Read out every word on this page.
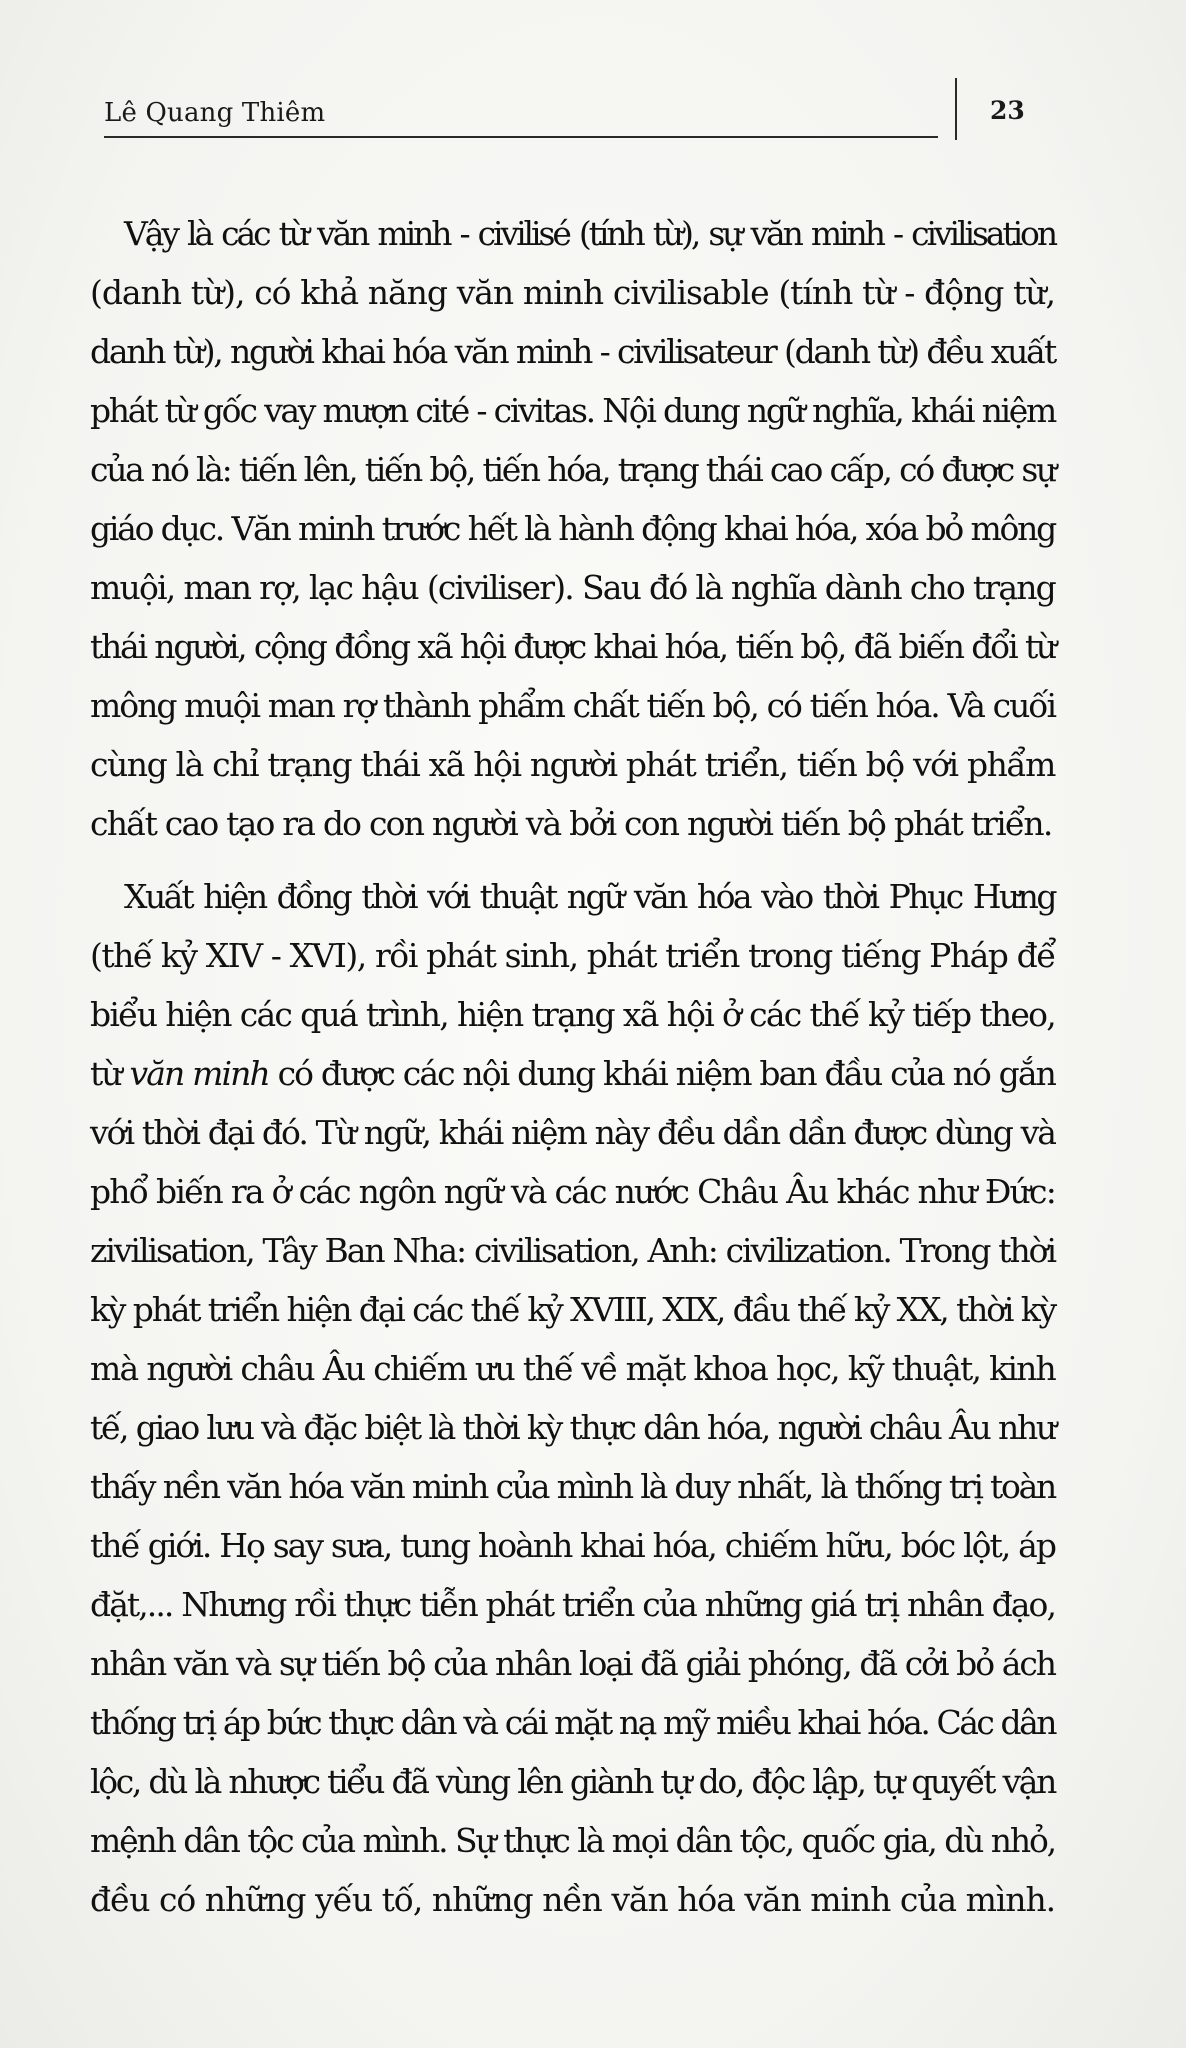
Lê Quang Thiêm	23
Vậy là các từ văn minh - civilisé (tính từ), sự văn minh - civilisation
(danh từ), có khả năng văn minh civilisable (tính từ - động từ,
danh từ), người khai hóa văn minh - civilisateur (danh từ) đều xuất
phát từ gốc vay mượn cité - civitas. Nội dung ngữ nghĩa, khái niệm
của nó là: tiến lên, tiến bộ, tiến hóa, trạng thái cao cấp, có được sự
giáo dục. Văn minh trước hết là hành động khai hóa, xóa bỏ mông
muội, man rợ, lạc hậu (civiliser). Sau đó là nghĩa dành cho trạng
thái người, cộng đồng xã hội được khai hóa, tiến bộ, đã biến đổi từ
mông muội man rợ thành phẩm chất tiến bộ, có tiến hóa. Và cuối
cùng là chỉ trạng thái xã hội người phát triển, tiến bộ với phẩm
chất cao tạo ra do con người và bởi con người tiến bộ phát triển.
Xuất hiện đồng thời với thuật ngữ văn hóa vào thời Phục Hưng
(thế kỷ XIV - XVI), rồi phát sinh, phát triển trong tiếng Pháp để
biểu hiện các quá trình, hiện trạng xã hội ở các thế kỷ tiếp theo,
từ văn minh có được các nội dung khái niệm ban đầu của nó gắn
với thời đại đó. Từ ngữ, khái niệm này đều dần dần được dùng và
phổ biến ra ở các ngôn ngữ và các nước Châu Âu khác như Đức:
zivilisation, Tây Ban Nha: civilisation, Anh: civilization. Trong thời
kỳ phát triển hiện đại các thế kỷ XVIII, XIX, đầu thế kỷ XX, thời kỳ
mà người châu Âu chiếm ưu thế về mặt khoa học, kỹ thuật, kinh
tế, giao lưu và đặc biệt là thời kỳ thực dân hóa, người châu Âu như
thấy nền văn hóa văn minh của mình là duy nhất, là thống trị toàn
thế giới. Họ say sưa, tung hoành khai hóa, chiếm hữu, bóc lột, áp
đặt,... Nhưng rồi thực tiễn phát triển của những giá trị nhân đạo,
nhân văn và sự tiến bộ của nhân loại đã giải phóng, đã cởi bỏ ách
thống trị áp bức thực dân và cái mặt nạ mỹ miều khai hóa. Các dân
lộc, dù là nhược tiểu đã vùng lên giành tự do, độc lập, tự quyết vận
mệnh dân tộc của mình. Sự thực là mọi dân tộc, quốc gia, dù nhỏ,
đều có những yếu tố, những nền văn hóa văn minh của mình.
